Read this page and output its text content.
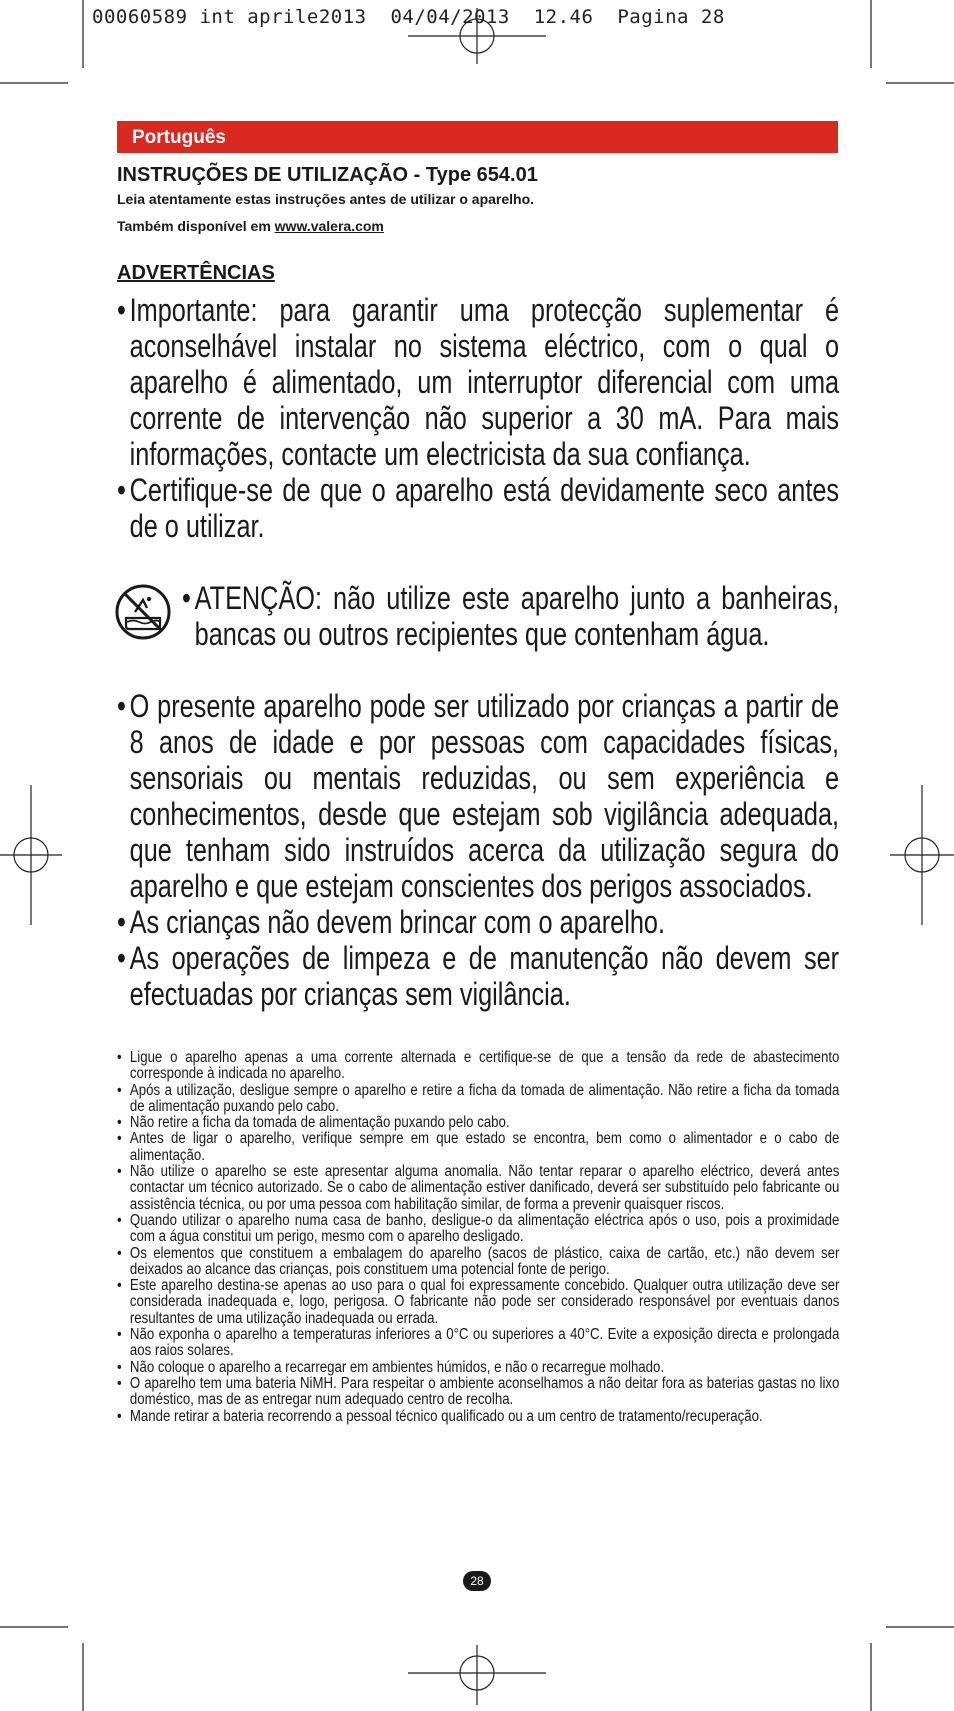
00060589 int aprile2013  04/04/2013  12.46  Pagina 28
Português
INSTRUÇÕES DE UTILIZAÇÃO - Type 654.01
Leia atentamente estas instruções antes de utilizar o aparelho.
Também disponível em www.valera.com
ADVERTÊNCIAS
• Importante: para garantir uma protecção suplementar é aconselhável instalar no sistema eléctrico, com o qual o aparelho é alimentado, um interruptor diferencial com uma corrente de intervenção não superior a 30 mA. Para mais informações, contacte um electricista da sua confiança.
• Certifique-se de que o aparelho está devidamente seco antes de o utilizar.
• ATENÇÃO: não utilize este aparelho junto a banheiras, bancas ou outros recipientes que contenham água.
• O presente aparelho pode ser utilizado por crianças a partir de 8 anos de idade e por pessoas com capacidades físicas, sensoriais ou mentais reduzidas, ou sem experiência e conhecimentos, desde que estejam sob vigilância adequada, que tenham sido instruídos acerca da utilização segura do aparelho e que estejam conscientes dos perigos associados.
• As crianças não devem brincar com o aparelho.
• As operações de limpeza e de manutenção não devem ser efectuadas por crianças sem vigilância.
• Ligue o aparelho apenas a uma corrente alternada e certifique-se de que a tensão da rede de abastecimento corresponde à indicada no aparelho.
• Após a utilização, desligue sempre o aparelho e retire a ficha da tomada de alimentação. Não retire a ficha da tomada de alimentação puxando pelo cabo.
• Não retire a ficha da tomada de alimentação puxando pelo cabo.
• Antes de ligar o aparelho, verifique sempre em que estado se encontra, bem como o alimentador e o cabo de alimentação.
• Não utilize o aparelho se este apresentar alguma anomalia. Não tentar reparar o aparelho eléctrico, deverá antes contactar um técnico autorizado. Se o cabo de alimentação estiver danificado, deverá ser substituído pelo fabricante ou assistência técnica, ou por uma pessoa com habilitação similar, de forma a prevenir quaisquer riscos.
• Quando utilizar o aparelho numa casa de banho, desligue-o da alimentação eléctrica após o uso, pois a proximidade com a água constitui um perigo, mesmo com o aparelho desligado.
• Os elementos que constituem a embalagem do aparelho (sacos de plástico, caixa de cartão, etc.) não devem ser deixados ao alcance das crianças, pois constituem uma potencial fonte de perigo.
• Este aparelho destina-se apenas ao uso para o qual foi expressamente concebido. Qualquer outra utilização deve ser considerada inadequada e, logo, perigosa. O fabricante não pode ser considerado responsável por eventuais danos resultantes de uma utilização inadequada ou errada.
• Não exponha o aparelho a temperaturas inferiores a 0°C ou superiores a 40°C. Evite a exposição directa e prolongada aos raios solares.
• Não coloque o aparelho a recarregar em ambientes húmidos, e não o recarregue molhado.
• O aparelho tem uma bateria NiMH. Para respeitar o ambiente aconselhamos a não deitar fora as baterias gastas no lixo doméstico, mas de as entregar num adequado centro de recolha.
• Mande retirar a bateria recorrendo a pessoal técnico qualificado ou a um centro de tratamento/recuperação.
28
